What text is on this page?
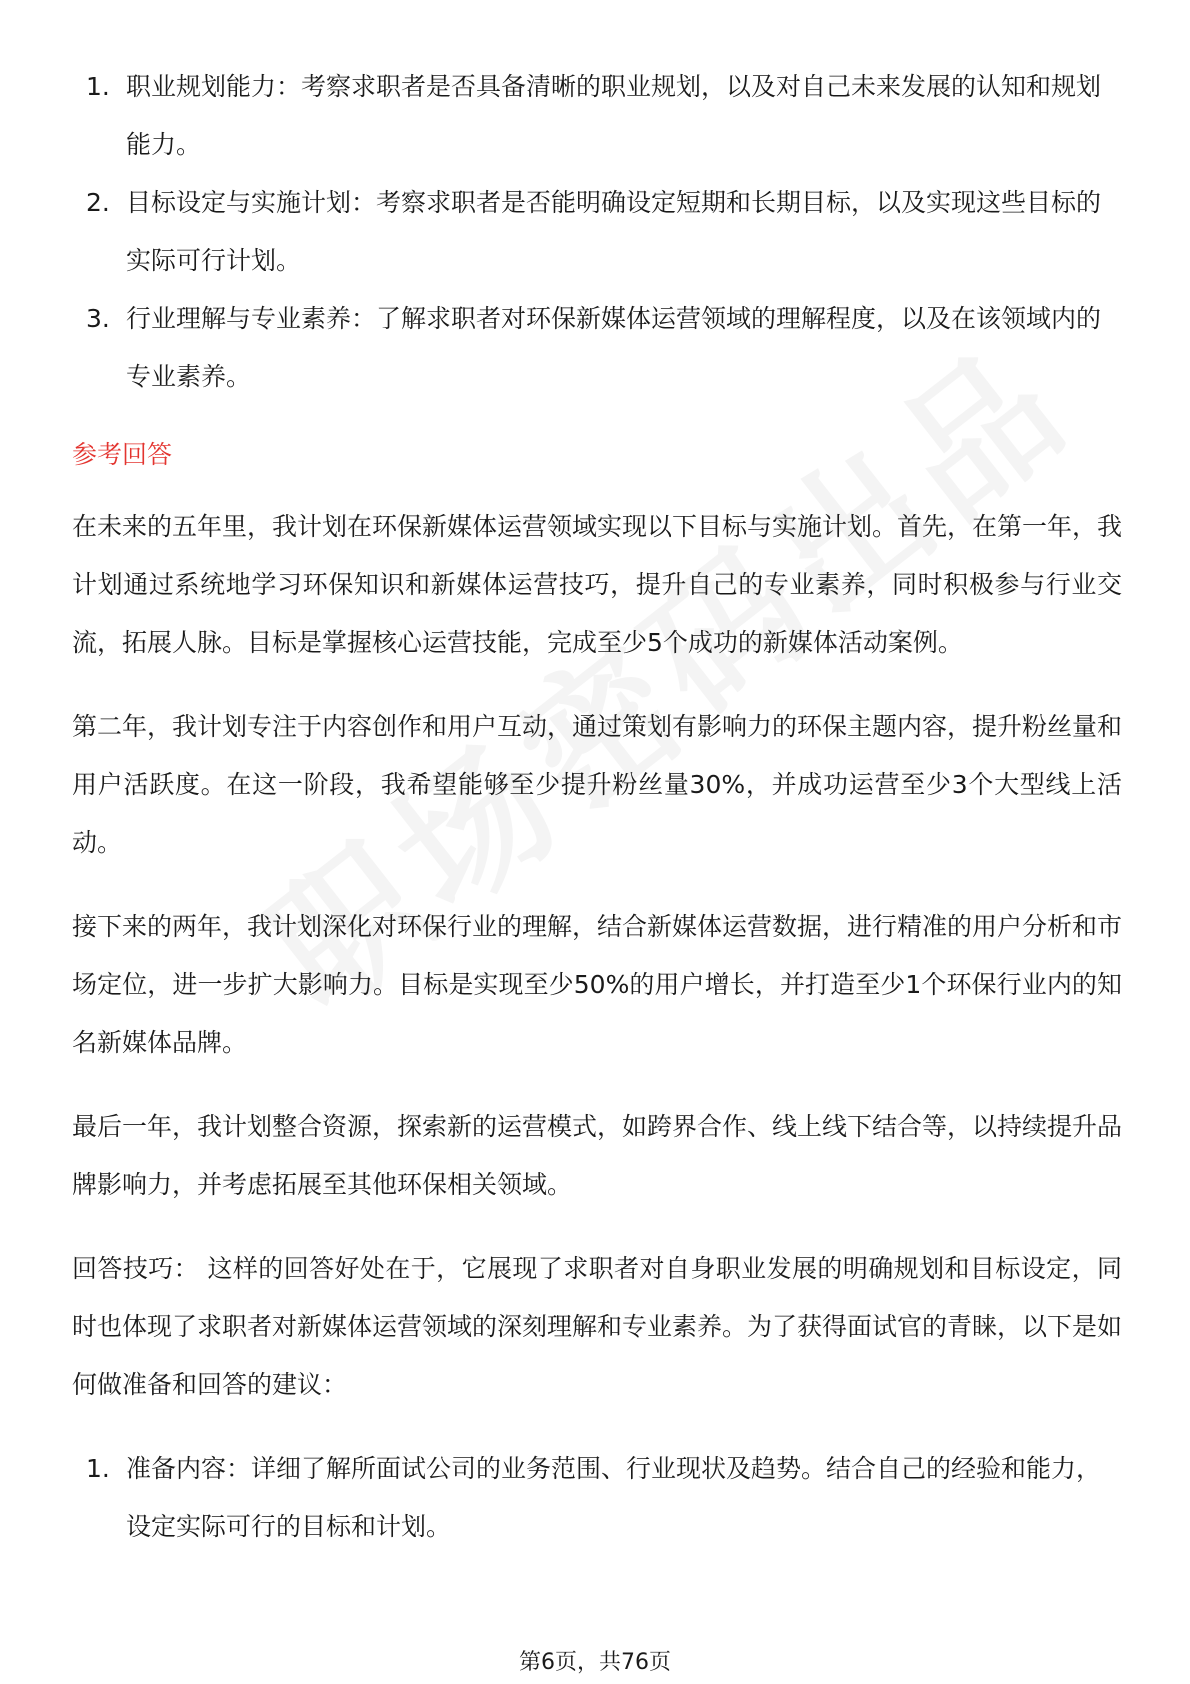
1. 职业规划能力：考察求职者是否具备清晰的职业规划，以及对自己未来发展的认知和规划能力。
2. 目标设定与实施计划：考察求职者是否能明确设定短期和长期目标，以及实现这些目标的实际可行计划。
3. 行业理解与专业素养：了解求职者对环保新媒体运营领域的理解程度，以及在该领域内的专业素养。
参考回答

在未来的五年里，我计划在环保新媒体运营领域实现以下目标与实施计划。首先，在第一年，我计划通过系统地学习环保知识和新媒体运营技巧，提升自己的专业素养，同时积极参与行业交流，拓展人脉。目标是掌握核心运营技能，完成至少5个成功的新媒体活动案例。

第二年，我计划专注于内容创作和用户互动，通过策划有影响力的环保主题内容，提升粉丝量和用户活跃度。在这一阶段，我希望能够至少提升粉丝量30%，并成功运营至少3个大型线上活动。

接下来的两年，我计划深化对环保行业的理解，结合新媒体运营数据，进行精准的用户分析和市场定位，进一步扩大影响力。目标是实现至少50%的用户增长，并打造至少1个环保行业内的知名新媒体品牌。

最后一年，我计划整合资源，探索新的运营模式，如跨界合作、线上线下结合等，以持续提升品牌影响力，并考虑拓展至其他环保相关领域。

回答技巧： 这样的回答好处在于，它展现了求职者对自身职业发展的明确规划和目标设定，同时也体现了求职者对新媒体运营领域的深刻理解和专业素养。为了获得面试官的青睐，以下是如何做准备和回答的建议：

1. 准备内容：详细了解所面试公司的业务范围、行业现状及趋势。结合自己的经验和能力，设定实际可行的目标和计划。
第6页，共76页
